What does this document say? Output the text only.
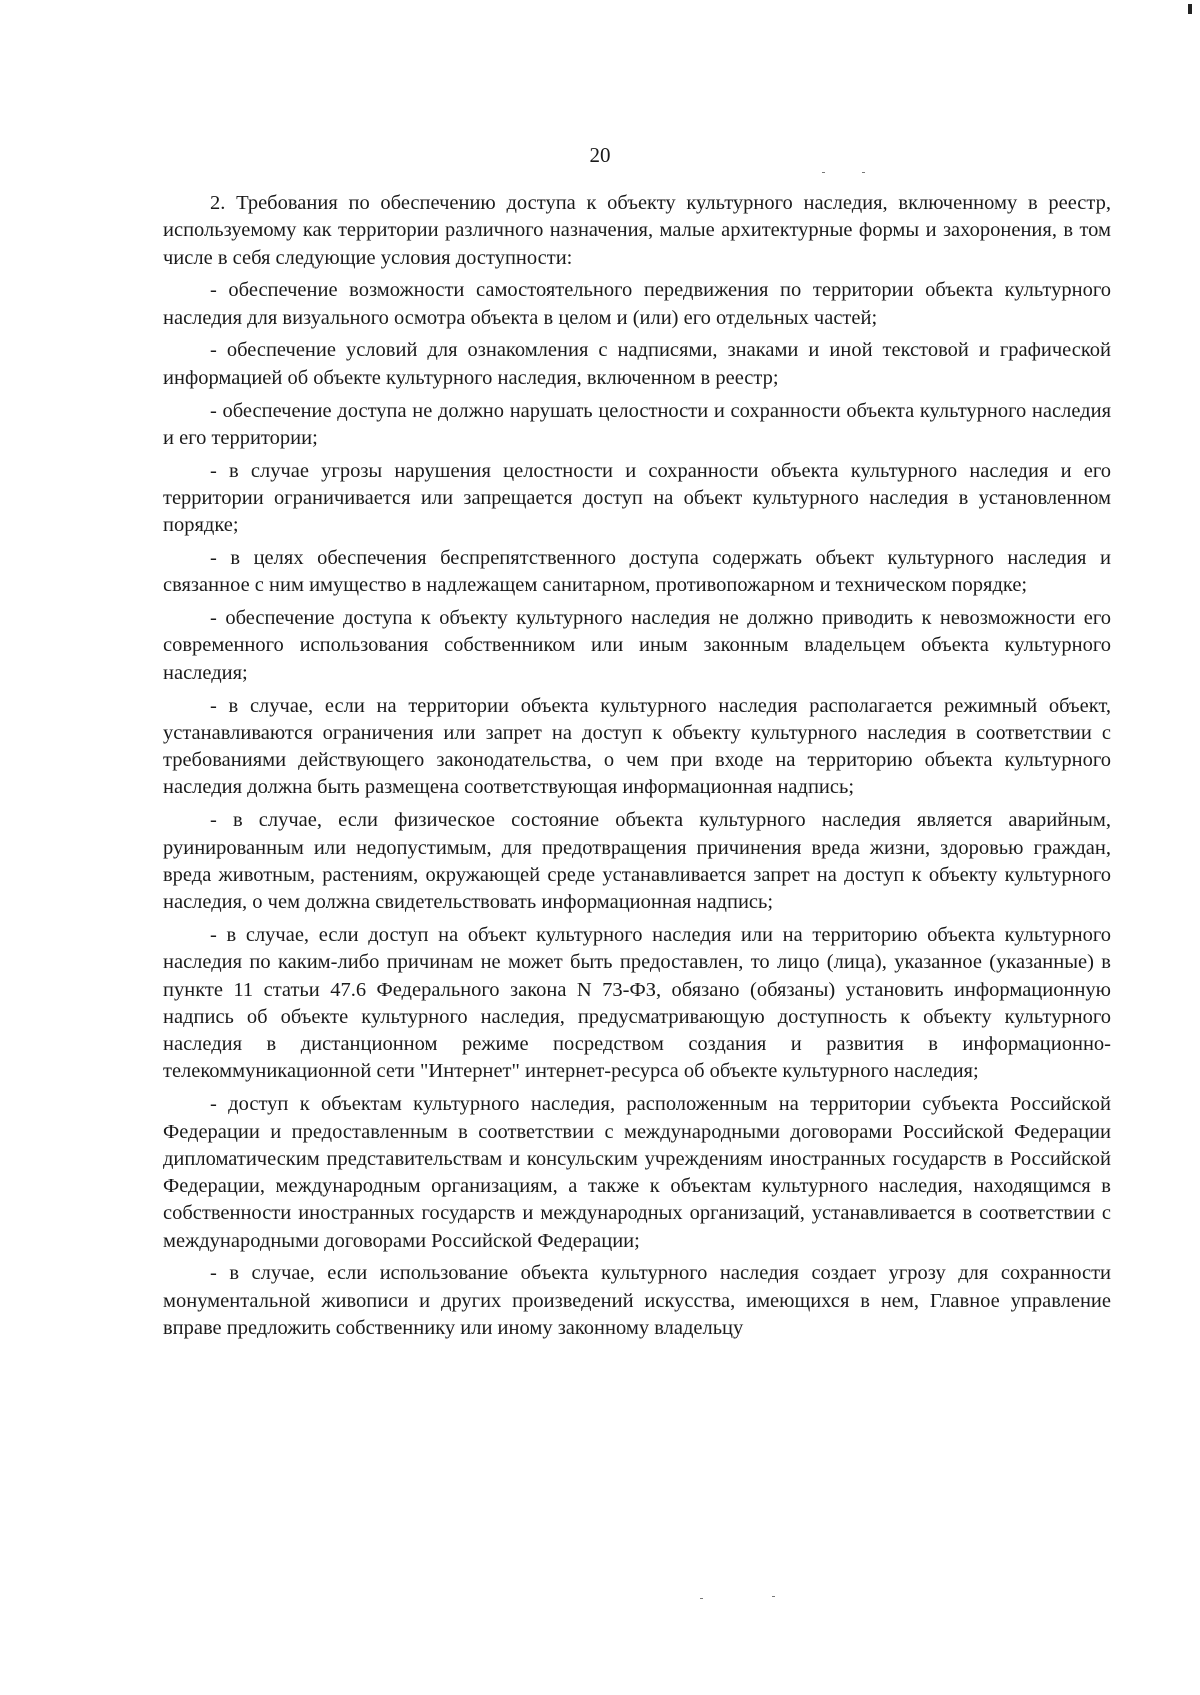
20

2. Требования по обеспечению доступа к объекту культурного наследия, включенному в реестр, используемому как территории различного назначения, малые архитектурные формы и захоронения, в том числе в себя следующие условия доступности:

- обеспечение возможности самостоятельного передвижения по территории объекта культурного наследия для визуального осмотра объекта в целом и (или) его отдельных частей;

- обеспечение условий для ознакомления с надписями, знаками и иной текстовой и графической информацией об объекте культурного наследия, включенном в реестр;

- обеспечение доступа не должно нарушать целостности и сохранности объекта культурного наследия и его территории;

- в случае угрозы нарушения целостности и сохранности объекта культурного наследия и его территории ограничивается или запрещается доступ на объект культурного наследия в установленном порядке;

- в целях обеспечения беспрепятственного доступа содержать объект культурного наследия и связанное с ним имущество в надлежащем санитарном, противопожарном и техническом порядке;

- обеспечение доступа к объекту культурного наследия не должно приводить к невозможности его современного использования собственником или иным законным владельцем объекта культурного наследия;

- в случае, если на территории объекта культурного наследия располагается режимный объект, устанавливаются ограничения или запрет на доступ к объекту культурного наследия в соответствии с требованиями действующего законодательства, о чем при входе на территорию объекта культурного наследия должна быть размещена соответствующая информационная надпись;

- в случае, если физическое состояние объекта культурного наследия является аварийным, руинированным или недопустимым, для предотвращения причинения вреда жизни, здоровью граждан, вреда животным, растениям, окружающей среде устанавливается запрет на доступ к объекту культурного наследия, о чем должна свидетельствовать информационная надпись;

- в случае, если доступ на объект культурного наследия или на территорию объекта культурного наследия по каким-либо причинам не может быть предоставлен, то лицо (лица), указанное (указанные) в пункте 11 статьи 47.6 Федерального закона N 73-ФЗ, обязано (обязаны) установить информационную надпись об объекте культурного наследия, предусматривающую доступность к объекту культурного наследия в дистанционном режиме посредством создания и развития в информационно-телекоммуникационной сети "Интернет" интернет-ресурса об объекте культурного наследия;

- доступ к объектам культурного наследия, расположенным на территории субъекта Российской Федерации и предоставленным в соответствии с международными договорами Российской Федерации дипломатическим представительствам и консульским учреждениям иностранных государств в Российской Федерации, международным организациям, а также к объектам культурного наследия, находящимся в собственности иностранных государств и международных организаций, устанавливается в соответствии с международными договорами Российской Федерации;

- в случае, если использование объекта культурного наследия создает угрозу для сохранности монументальной живописи и других произведений искусства, имеющихся в нем, Главное управление вправе предложить собственнику или иному законному владельцу
